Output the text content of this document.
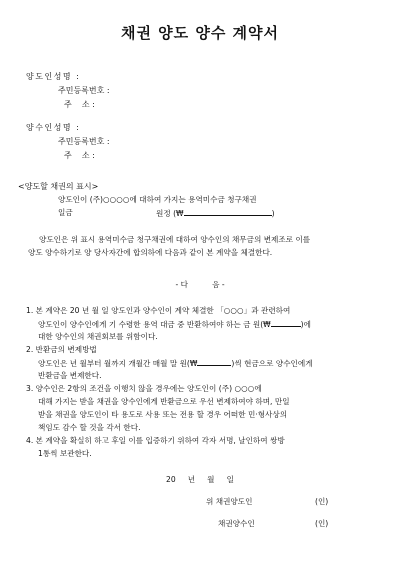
채권 양도 양수 계약서
양도인성명 :
주민등록번호 :
주    소 :
양수인성명 :
주민등록번호 :
주    소 :
<양도할 채권의 표시>
양도인이 (주)○○○○에 대하여 가지는 용역미수금 청구채권
일금	원정 (₩	)
양도인은 위 표시 용역미수금 청구채권에 대하여 양수인의 채무금의 변제조로 이를
양도 양수하기로 양 당사자간에 합의하에 다음과 같이 본 계약을 체결한다.
- 다          음 -
1. 본 계약은 20 년 월 일 양도인과 양수인이 계약 체결한 「○○○」과 관련하여
양도인이 양수인에게 기 수령한 용역 대금 중 반환하여야 하는 금 원(₩	)에
대한 양수인의 채권회보를 위함이다.
2. 반환금의 변제방법
양도인은 년 월부터 월까지 개월간 매월 말 원(₩	)씩 현금으로 양수인에게
반환금을 변제한다.
3. 양수인은 2항의 조건을 이행치 않을 경우에는 양도인이 (주) ○○○에
대해 가지는 받을 채권을 양수인에게 반환금으로 우선 변제하여야 하며, 만일
받을 채권을 양도인이 타 용도로 사용 또는 전용 할 경우 어떠한 민·형사상의
책임도 감수 할 것을 각서 한다.
4. 본 계약을 확실히 하고 후일 이를 입증하기 위하여 각자 서명, 날인하여 쌍방
1통씩 보관한다.
20     년     월     일
위 채권양도인	(인)
채권양수인	(인)
